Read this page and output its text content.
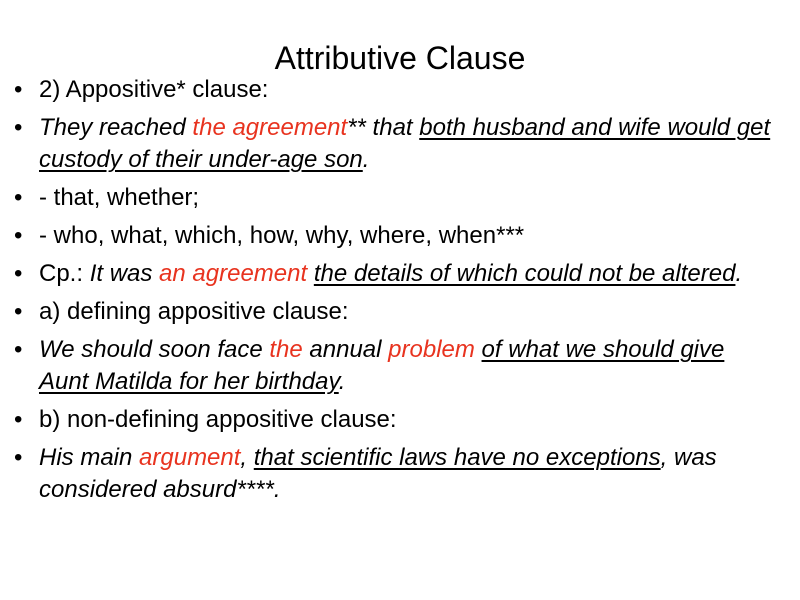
Attributive Clause
• 2) Appositive* clause:
• They reached the agreement** that both husband and wife would get custody of their under-age son.
• - that, whether;
• - who, what, which, how, why, where, when***
• Cp.: It was an agreement the details of which could not be altered.
• a) defining appositive clause:
• We should soon face the annual problem of what we should give Aunt Matilda for her birthday.
• b) non-defining appositive clause:
• His main argument, that scientific laws have no exceptions, was considered absurd****.
